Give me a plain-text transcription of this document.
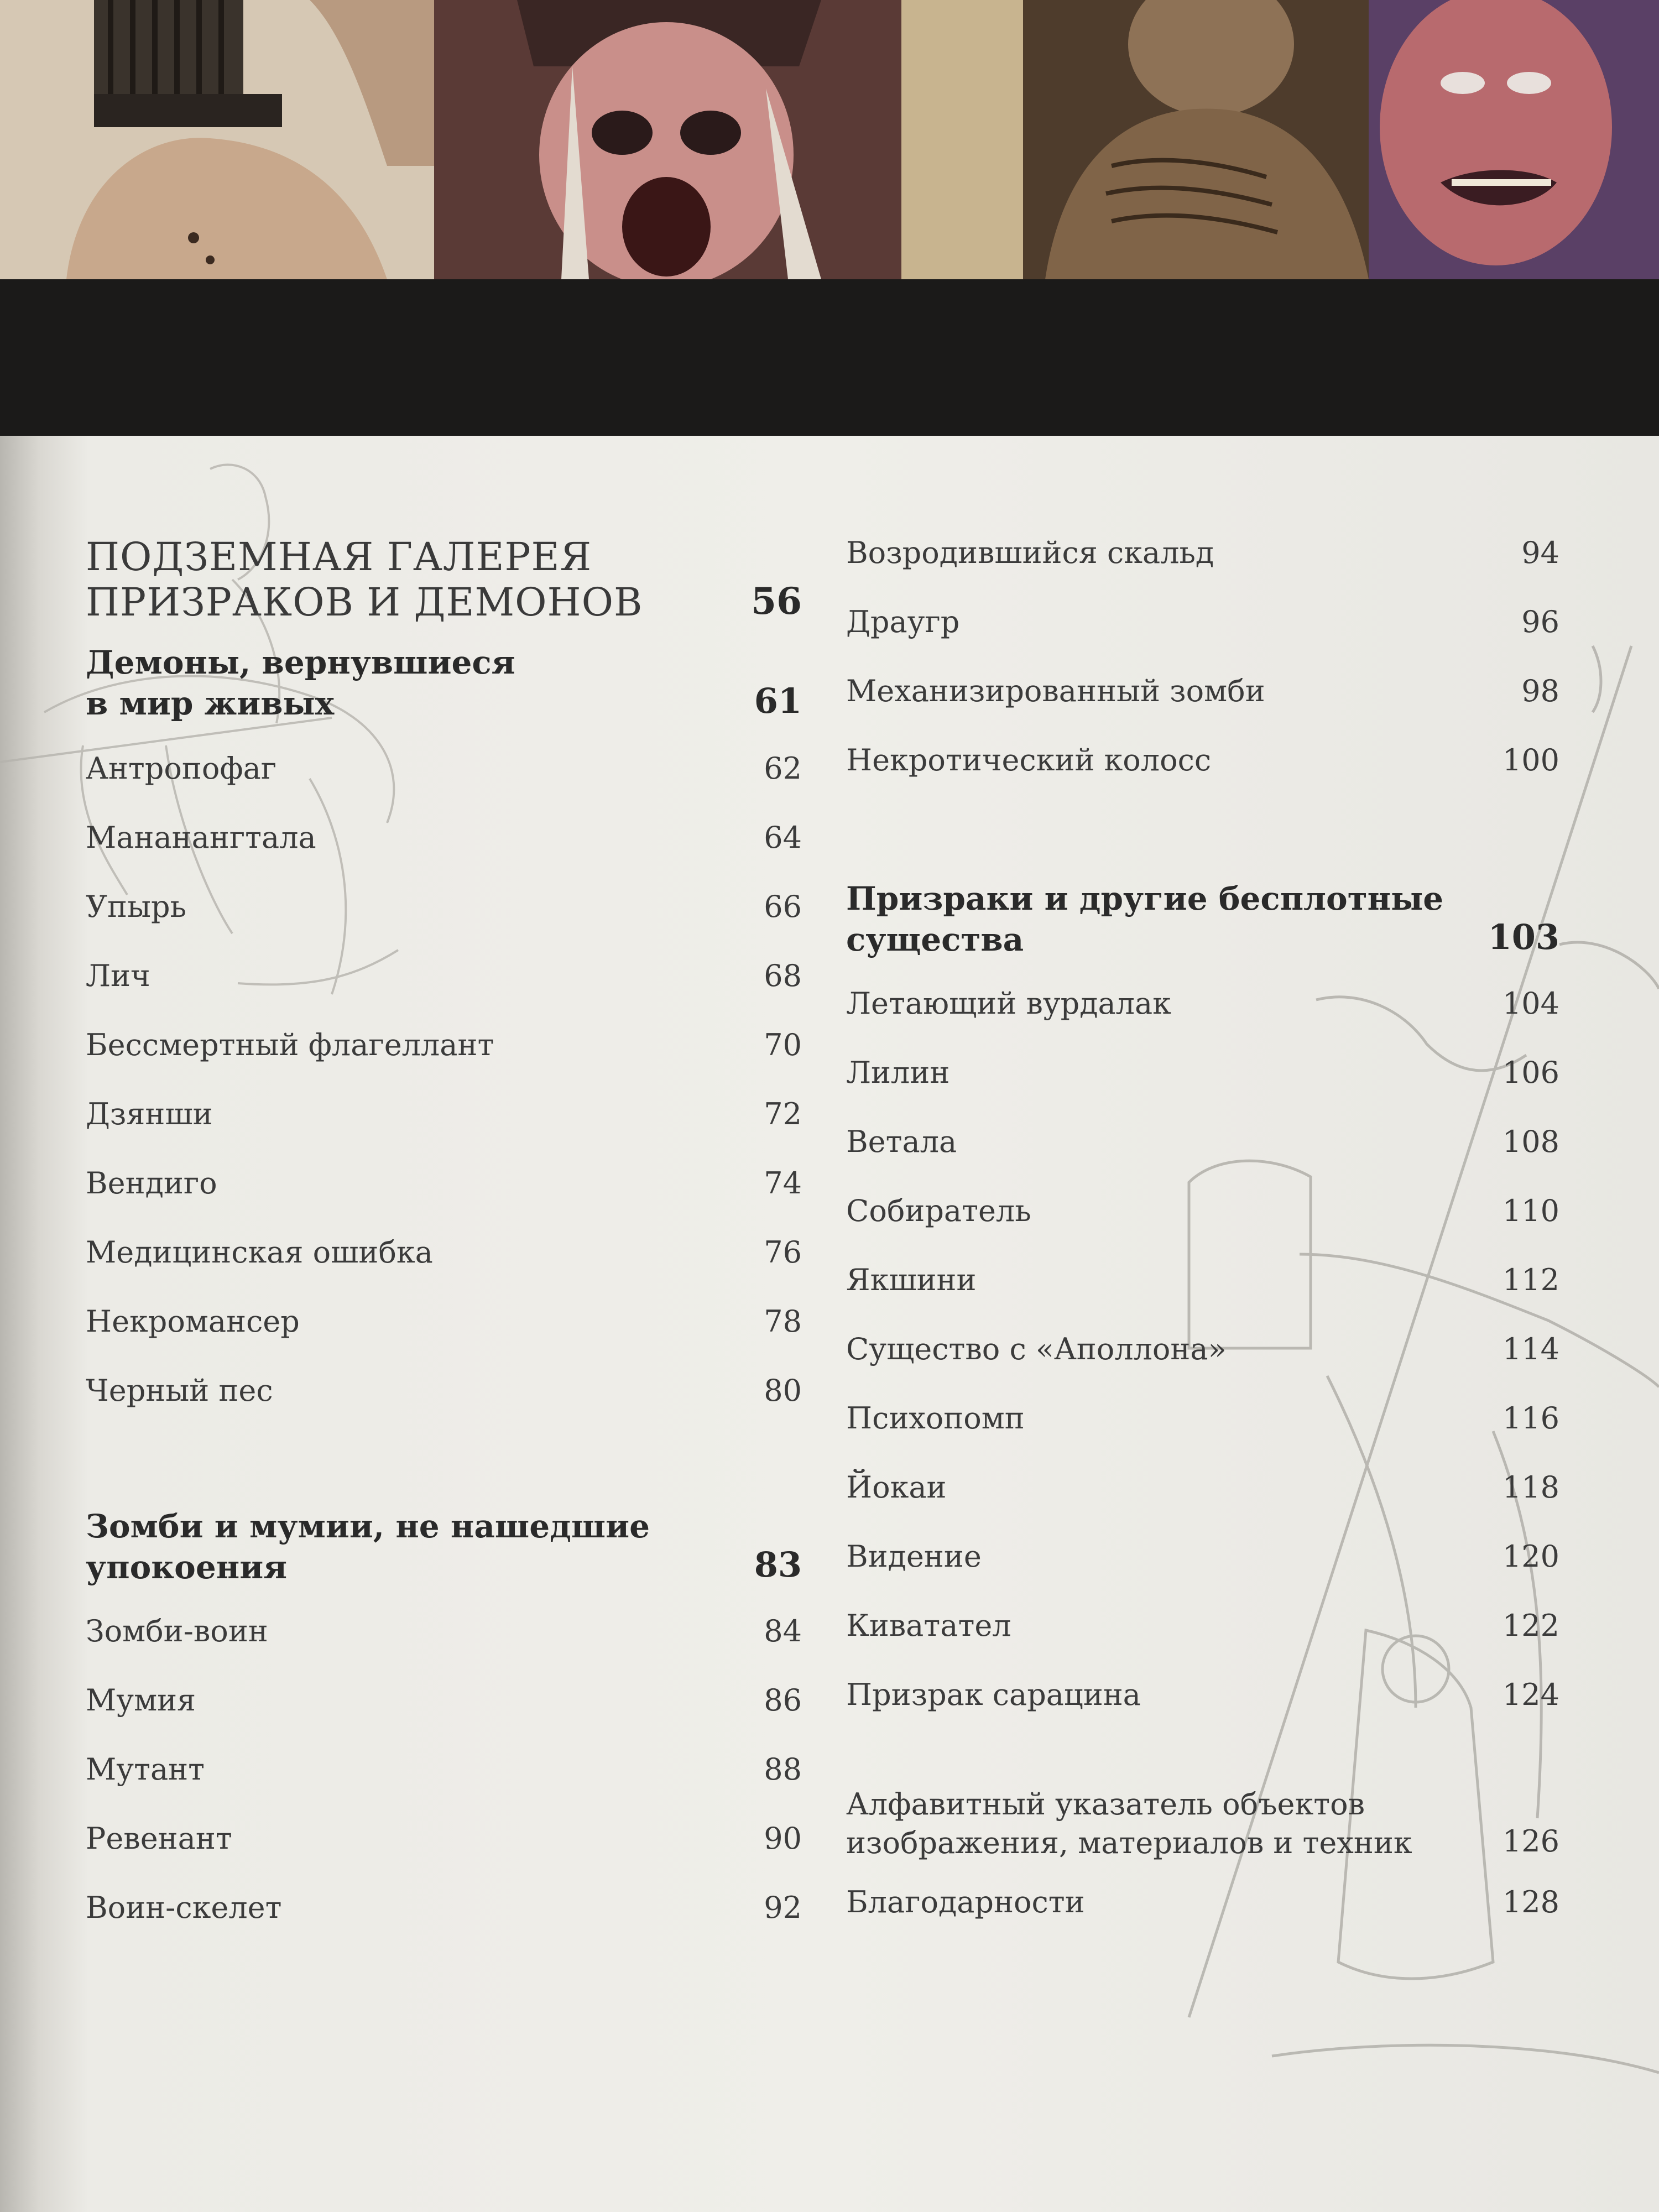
ПОДЗЕМНАЯ ГАЛЕРЕЯ
ПРИЗРАКОВ И ДЕМОНОВ	56
Демоны, вернувшиеся
в мир живых	61
Антропофаг	62
Мананангтала	64
Упырь	66
Лич	68
Бессмертный флагеллант	70
Дзянши	72
Вендиго	74
Медицинская ошибка	76
Некромансер	78
Черный пес	80
Зомби и мумии, не нашедшие
упокоения	83
Зомби-воин	84
Мумия	86
Мутант	88
Ревенант	90
Воин-скелет	92
Возродившийся скальд	94
Драугр	96
Механизированный зомби	98
Некротический колосс	100
Призраки и другие бесплотные
существа	103
Летающий вурдалак	104
Лилин	106
Ветала	108
Собиратель	110
Якшини	112
Существо с «Аполлона»	114
Психопомп	116
Йокаи	118
Видение	120
Киватател	122
Призрак сарацина	124
Алфавитный указатель объектов
изображения, материалов и техник	126
Благодарности	128
